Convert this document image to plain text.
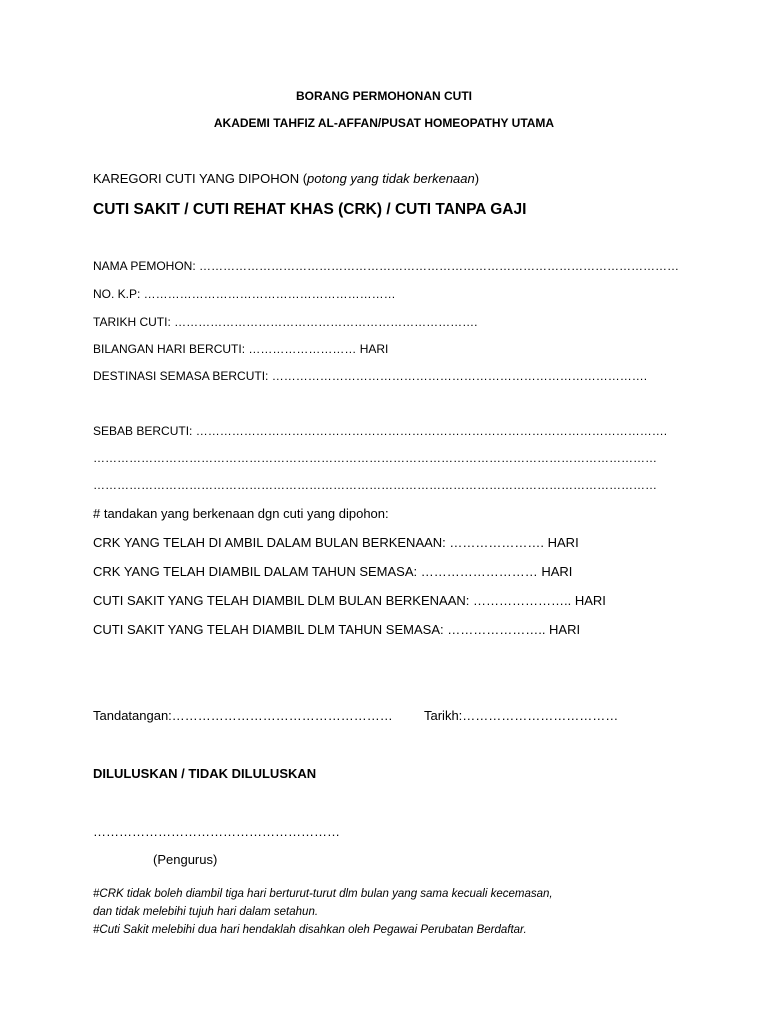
BORANG PERMOHONAN CUTI
AKADEMI TAHFIZ AL-AFFAN/PUSAT HOMEOPATHY UTAMA
KAREGORI CUTI YANG DIPOHON (potong yang tidak berkenaan)
CUTI SAKIT / CUTI REHAT KHAS (CRK) / CUTI TANPA GAJI
NAMA PEMOHON: …………………………………………………………………………………………………………
NO. K.P: ………………………………………………………
TARIKH CUTI: ………………………………………………………………….
BILANGAN HARI BERCUTI: ……………………… HARI
DESTINASI SEMASA BERCUTI: ………………………………………………………………………………….
SEBAB BERCUTI: ……………………………………………………………………………………………………….
……………………………………………………………………………………………………………………………
……………………………………………………………………………………………………………………………
# tandakan yang berkenaan dgn cuti yang dipohon:
CRK YANG TELAH DI AMBIL DALAM BULAN BERKENAAN: …………………. HARI
CRK YANG TELAH DIAMBIL DALAM TAHUN SEMASA: ……………………… HARI
CUTI SAKIT YANG TELAH DIAMBIL DLM BULAN BERKENAAN: ………………….. HARI
CUTI SAKIT YANG TELAH DIAMBIL DLM TAHUN SEMASA: ………………….. HARI
Tandatangan:…………………………………………… Tarikh:………………………………
DILULUSKAN / TIDAK DILULUSKAN
…………………………………………………
(Pengurus)
#CRK tidak boleh diambil tiga hari berturut-turut dlm bulan yang sama kecuali kecemasan,
dan tidak melebihi tujuh hari dalam setahun.
#Cuti Sakit melebihi dua hari hendaklah disahkan oleh Pegawai Perubatan Berdaftar.
